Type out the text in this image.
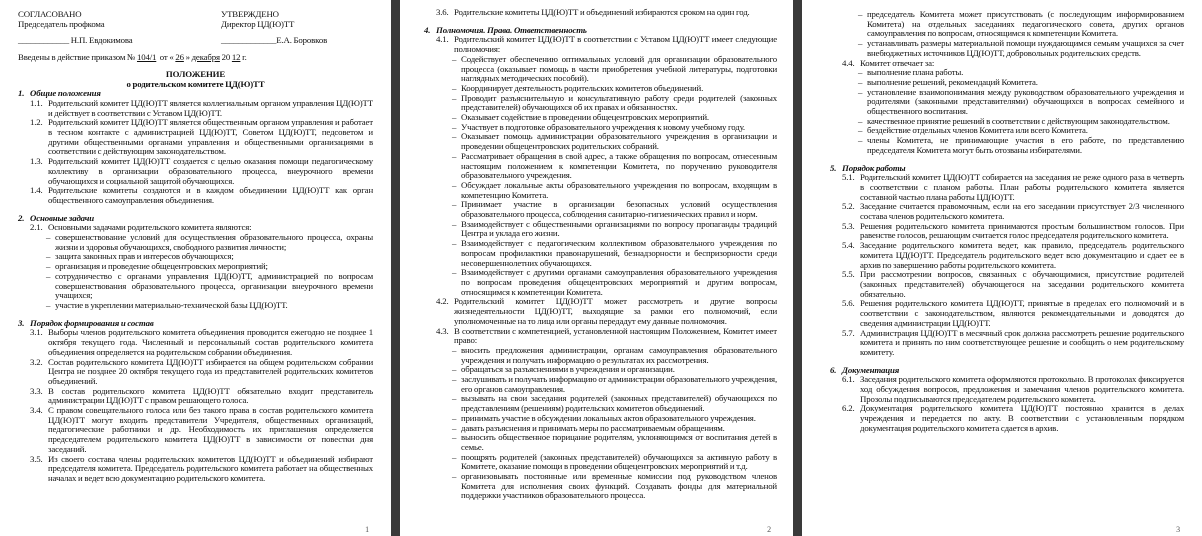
СОГЛАСОВАНО
Председатель профкома
УТВЕРЖДЕНО
Директор ЦД(Ю)ТТ
____________ Н.П. Евдокимова	_____________Е.А. Боровков
Введены в действие приказом № 104/1 от « 26 » декабря 20 12 г.
ПОЛОЖЕНИЕ
о родительском комитете ЦД(Ю)ТТ
1. Общие положения
1.1. Родительский комитет ЦД(Ю)ТТ является коллегиальным органом управления ЦД(Ю)ТТ и действует в соответствии с Уставом ЦД(Ю)ТТ.
1.2. Родительский комитет ЦД(Ю)ТТ является общественным органом управления и работает в тесном контакте с администрацией ЦД(Ю)ТТ, Советом ЦД(Ю)ТТ, педсоветом и другими общественными органами управления и общественными организациями в соответствии с действующим законодательством.
1.3. Родительский комитет ЦД(Ю)ТТ создается с целью оказания помощи педагогическому коллективу в организации образовательного процесса, внеурочного времени обучающихся и социальной защитой обучающихся.
1.4. Родительские комитеты создаются и в каждом объединении ЦД(Ю)ТТ как орган общественного самоуправления объединения.
2. Основные задачи
2.1. Основными задачами родительского комитета являются:
– совершенствование условий для осуществления образовательного процесса, охраны жизни и здоровья обучающихся, свободного развития личности;
– защита законных прав и интересов обучающихся;
– организация и проведение общецентровских мероприятий;
– сотрудничество с органами управления ЦД(Ю)ТТ, администрацией по вопросам совершенствования образовательного процесса, организации внеурочного времени учащихся;
– участие в укреплении материально-технической базы ЦД(Ю)ТТ.
3. Порядок формирования и состав
3.1. Выборы членов родительского комитета объединения проводится ежегодно не позднее 1 октября текущего года. Численный и персональный состав родительского комитета объединения определяется на родительском собрании объединения.
3.2. Состав родительского комитета ЦД(Ю)ТТ избирается на общем родительском собрании Центра не позднее 20 октября текущего года из представителей родительских комитетов объединений.
3.3. В состав родительского комитета ЦД(Ю)ТТ обязательно входит представитель администрации ЦД(Ю)ТТ с правом решающего голоса.
3.4. С правом совещательного голоса или без такого права в состав родительского комитета ЦД(Ю)ТТ могут входить представители Учредителя, общественных организаций, педагогические работники и др. Необходимость их приглашения определяется председателем родительского комитета ЦД(Ю)ТТ в зависимости от повестки дня заседаний.
3.5. Из своего состава члены родительских комитетов ЦД(Ю)ТТ и объединений избирают председателя комитета. Председатель родительского комитета работает на общественных началах и ведет всю документацию родительского комитета.
1
3.6. Родительские комитеты ЦД(Ю)ТТ и объединений избираются сроком на один год.
4. Полномочия. Права. Ответственность
4.1. Родительский комитет ЦД(Ю)ТТ в соответствии с Уставом ЦД(Ю)ТТ имеет следующие полномочия:
– Содействует обеспечению оптимальных условий для организации образовательного процесса (оказывает помощь в части приобретения учебной литературы, подготовки наглядных методических пособий).
– Координирует деятельность родительских комитетов объединений.
– Проводит разъяснительную и консультативную работу среди родителей (законных представителей) обучающихся об их правах и обязанностях.
– Оказывает содействие в проведении общецентровских мероприятий.
– Участвует в подготовке образовательного учреждения к новому учебному году.
– Оказывает помощь администрации образовательного учреждения в организации и проведении общецентровских родительских собраний.
– Рассматривает обращения в свой адрес, а также обращения по вопросам, отнесенным настоящим положением к компетенции Комитета, по поручению руководителя образовательного учреждения.
– Обсуждает локальные акты образовательного учреждения по вопросам, входящим в компетенцию Комитета.
– Принимает участие в организации безопасных условий осуществления образовательного процесса, соблюдения санитарно-гигиенических правил и норм.
– Взаимодействует с общественными организациями по вопросу пропаганды традиций Центра и уклада его жизни.
– Взаимодействует с педагогическим коллективом образовательного учреждения по вопросам профилактики правонарушений, безнадзорности и беспризорности среди несовершеннолетних обучающихся.
– Взаимодействует с другими органами самоуправления образовательного учреждения по вопросам проведения общецентровских мероприятий и другим вопросам, относящимся к компетенции Комитета.
4.2. Родительский комитет ЦД(Ю)ТТ может рассмотреть и другие вопросы жизнедеятельности ЦД(Ю)ТТ, выходящие за рамки его полномочий, если уполномоченные на то лица или органы передадут ему данные полномочия.
4.3. В соответствии с компетенцией, установленной настоящим Положением, Комитет имеет право:
– вносить предложения администрации, органам самоуправления образовательного учреждения и получать информацию о результатах их рассмотрения.
– обращаться за разъяснениями в учреждения и организации.
– заслушивать и получать информацию от администрации образовательного учреждения, его органов самоуправления.
– вызывать на свои заседания родителей (законных представителей) обучающихся по представлениям (решениям) родительских комитетов объединений.
– принимать участие в обсуждении локальных актов образовательного учреждения.
– давать разъяснения и принимать меры по рассматриваемым обращениям.
– выносить общественное порицание родителям, уклоняющимся от воспитания детей в семье.
– поощрять родителей (законных представителей) обучающихся за активную работу в Комитете, оказание помощи в проведении общецентровских мероприятий и т.д.
– организовывать постоянные или временные комиссии под руководством членов Комитета для исполнения своих функций. Создавать фонды для материальной поддержки участников образовательного процесса.
2
– председатель Комитета может присутствовать (с последующим информированием Комитета) на отдельных заседаниях педагогического совета, других органов самоуправления по вопросам, относящимся к компетенции Комитета.
– устанавливать размеры материальной помощи нуждающимся семьям учащихся за счет внебюджетных источников ЦД(Ю)ТТ, добровольных родительских средств.
4.4. Комитет отвечает за:
– выполнение плана работы.
– выполнение решений, рекомендаций Комитета.
– установление взаимопонимания между руководством образовательного учреждения и родителями (законными представителями) обучающихся в вопросах семейного и общественного воспитания.
– качественное принятие решений в соответствии с действующим законодательством.
– бездействие отдельных членов Комитета или всего Комитета.
– члены Комитета, не принимающие участия в его работе, по представлению председателя Комитета могут быть отозваны избирателями.
5. Порядок работы
5.1. Родительский комитет ЦД(Ю)ТТ собирается на заседания не реже одного раза в четверть в соответствии с планом работы. План работы родительского комитета является составной частью плана работы ЦД(Ю)ТТ.
5.2. Заседание считается правомочным, если на его заседании присутствует 2/3 численного состава членов родительского комитета.
5.3. Решения родительского комитета принимаются простым большинством голосов. При равенстве голосов, решающим считается голос председателя родительского комитета.
5.4. Заседание родительского комитета ведет, как правило, председатель родительского комитета ЦД(Ю)ТТ. Председатель родительского ведет всю документацию и сдает ее в архив по завершению работы родительского комитета.
5.5. При рассмотрении вопросов, связанных с обучающимися, присутствие родителей (законных представителей) обучающегося на заседании родительского комитета обязательно.
5.6. Решения родительского комитета ЦД(Ю)ТТ, принятые в пределах его полномочий и в соответствии с законодательством, являются рекомендательными и доводятся до сведения администрации ЦД(Ю)ТТ.
5.7. Администрация ЦД(Ю)ТТ в месячный срок должна рассмотреть решение родительского комитета и принять по ним соответствующее решение и сообщить о нем родительскому комитету.
6. Документация
6.1. Заседания родительского комитета оформляются протокольно. В протоколах фиксируется ход обсуждения вопросов, предложения и замечания членов родительского комитета. Прозолы подписываются председателем родительского комитета.
6.2. Документация родительского комитета ЦД(Ю)ТТ постоянно хранится в делах учреждения и передается по акту. В соответствии с установленным порядком документация родительского комитета сдается в архив.
3
